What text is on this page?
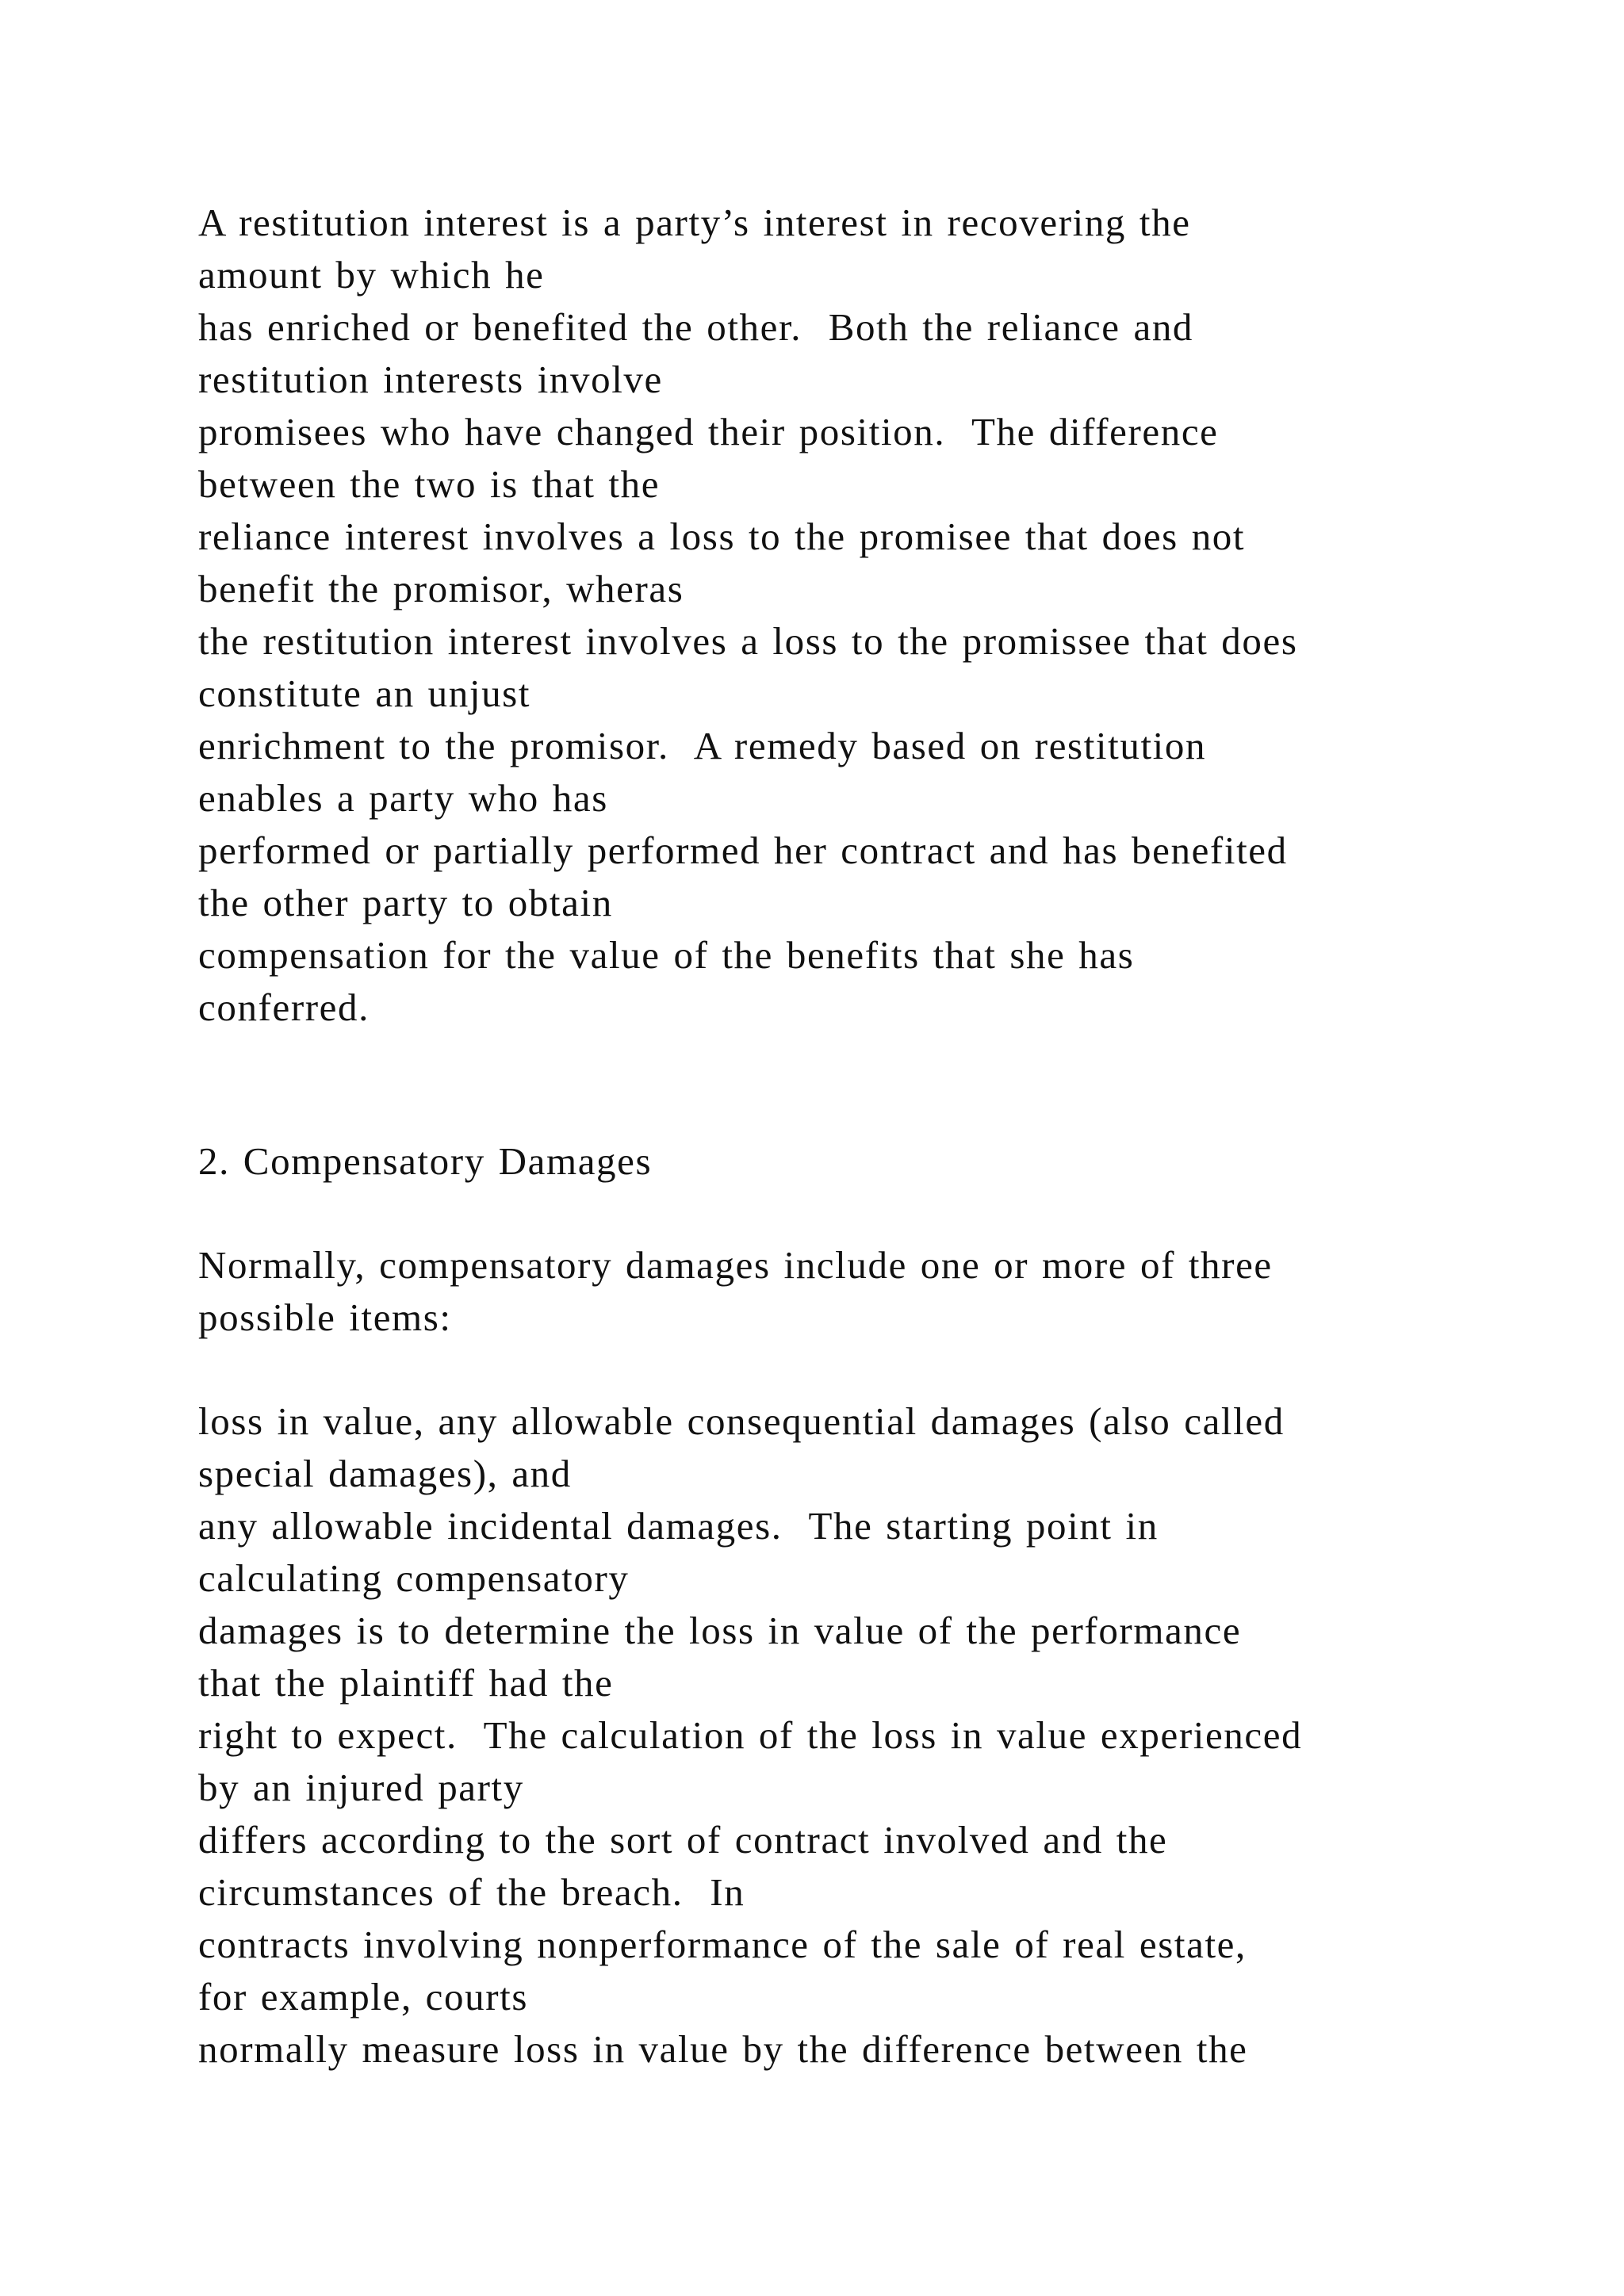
A restitution interest is a party’s interest in recovering the
amount by which he
has enriched or benefited the other.  Both the reliance and
restitution interests involve
promisees who have changed their position.  The difference
between the two is that the
reliance interest involves a loss to the promisee that does not
benefit the promisor, wheras
the restitution interest involves a loss to the promissee that does
constitute an unjust
enrichment to the promisor.  A remedy based on restitution
enables a party who has
performed or partially performed her contract and has benefited
the other party to obtain
compensation for the value of the benefits that she has
conferred.
2. Compensatory Damages
Normally, compensatory damages include one or more of three
possible items:
loss in value, any allowable consequential damages (also called
special damages), and
any allowable incidental damages.  The starting point in
calculating compensatory
damages is to determine the loss in value of the performance
that the plaintiff had the
right to expect.  The calculation of the loss in value experienced
by an injured party
differs according to the sort of contract involved and the
circumstances of the breach.  In
contracts involving nonperformance of the sale of real estate,
for example, courts
normally measure loss in value by the difference between the
